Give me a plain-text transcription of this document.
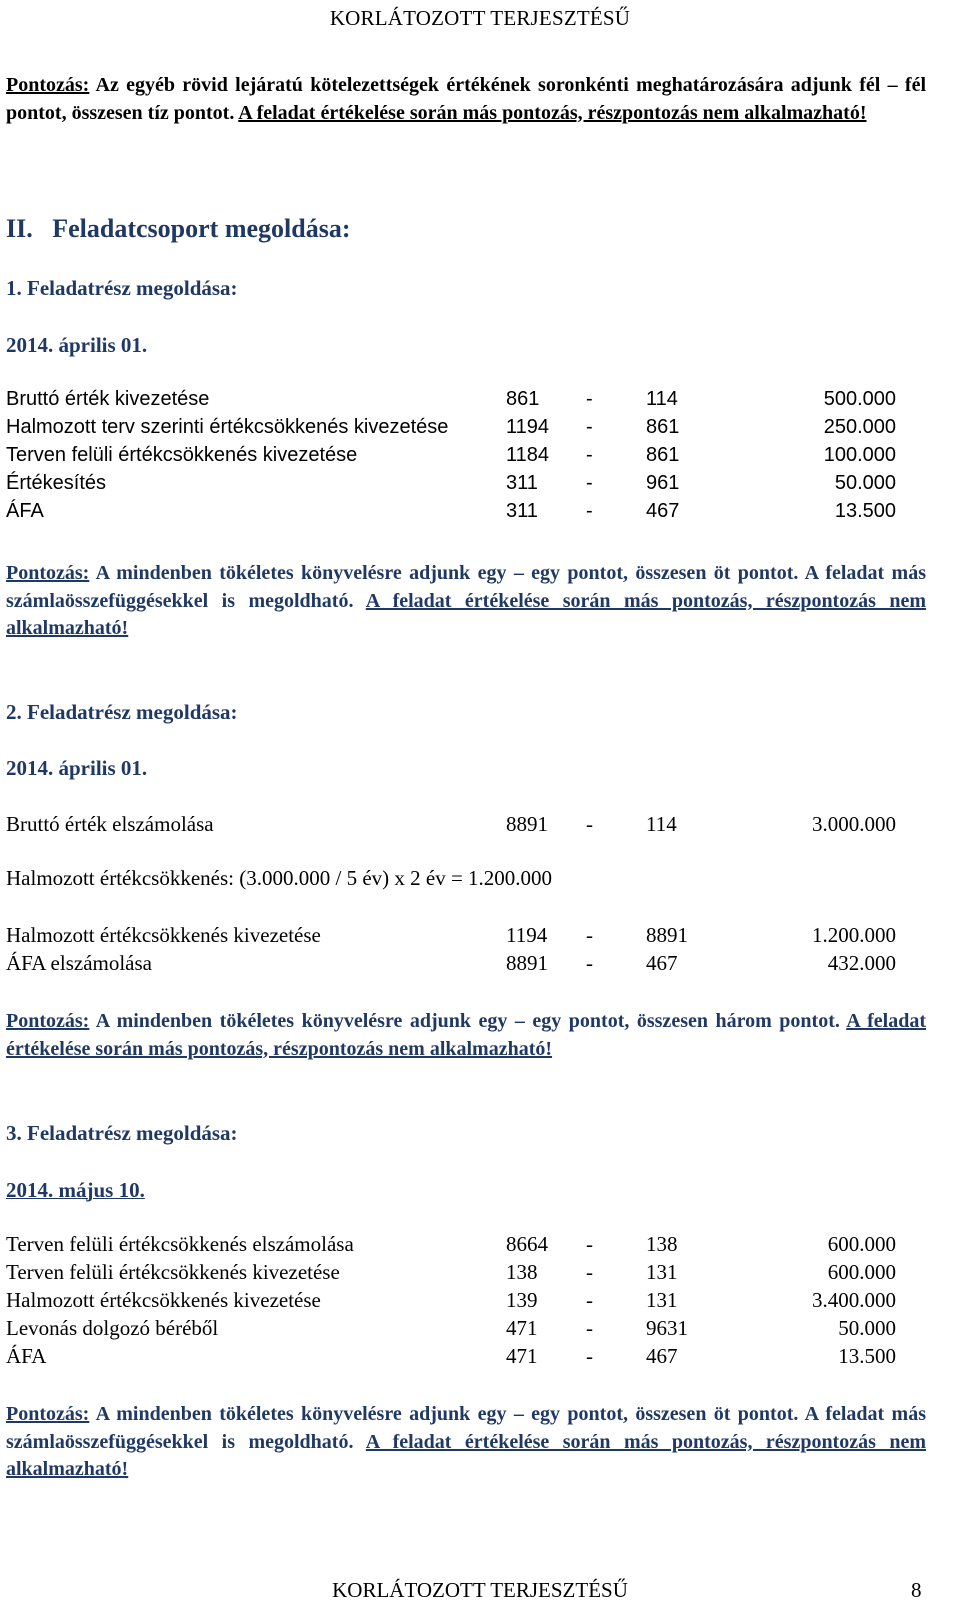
KORLÁTOZOTT TERJESZTÉSŰ
Pontozás: Az egyéb rövid lejáratú kötelezettségek értékének soronkénti meghatározására adjunk fél – fél pontot, összesen tíz pontot. A feladat értékelése során más pontozás, részpontozás nem alkalmazható!
II.   Feladatcsoport megoldása:
1. Feladatrész megoldása:
2014. április 01.
Bruttó érték kivezetése	861 -	114	500.000
Halmozott terv szerinti értékcsökkenés kivezetése	1194 -	861	250.000
Terven felüli értékcsökkenés kivezetése	1184 -	861	100.000
Értékesítés	311 -	961	50.000
ÁFA	311 -	467	13.500
Pontozás: A mindenben tökéletes könyvelésre adjunk egy – egy pontot, összesen öt pontot. A feladat más számlaösszefüggésekkel is megoldható. A feladat értékelése során más pontozás, részpontozás nem alkalmazható!
2. Feladatrész megoldása:
2014. április 01.
Bruttó érték elszámolása	8891 -	114	3.000.000
Halmozott értékcsökkenés: (3.000.000 / 5 év) x 2 év = 1.200.000
Halmozott értékcsökkenés kivezetése	1194 -	8891	1.200.000
ÁFA elszámolása	8891 -	467	432.000
Pontozás: A mindenben tökéletes könyvelésre adjunk egy – egy pontot, összesen három pontot. A feladat értékelése során más pontozás, részpontozás nem alkalmazható!
3. Feladatrész megoldása:
2014. május 10.
Terven felüli értékcsökkenés elszámolása	8664 -	138	600.000
Terven felüli értékcsökkenés kivezetése	138 -	131	600.000
Halmozott értékcsökkenés kivezetése	139 -	131	3.400.000
Levonás dolgozó béréből	471 -	9631	50.000
ÁFA	471 -	467	13.500
Pontozás: A mindenben tökéletes könyvelésre adjunk egy – egy pontot, összesen öt pontot. A feladat más számlaösszefüggésekkel is megoldható. A feladat értékelése során más pontozás, részpontozás nem alkalmazható!
KORLÁTOZOTT TERJESZTÉSŰ	8
